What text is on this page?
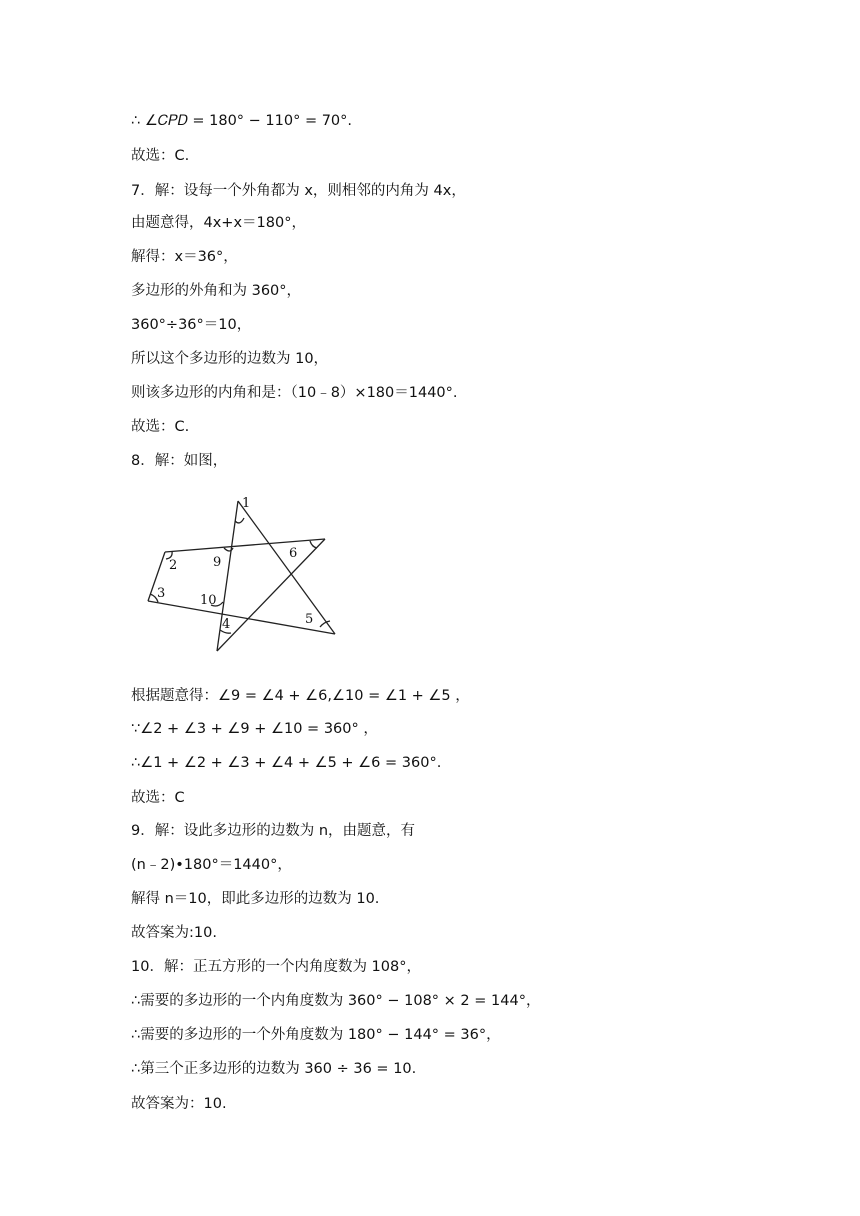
∴ ∠𝐶𝑃𝐷 = 180° − 110° = 70°.
故选：C.
7．解：设每一个外角都为 x，则相邻的内角为 4x，
由题意得，4x+x＝180°，
解得：x＝36°，
多边形的外角和为 360°，
360°÷36°＝10，
所以这个多边形的边数为 10，
则该多边形的内角和是：（10﹣8）×180＝1440°.
故选：C.
8．解：如图，
1
2
3
4	5
6
9
10
根据题意得：∠9 = ∠4 + ∠6,∠10 = ∠1 + ∠5 ，
∵∠2 + ∠3 + ∠9 + ∠10 = 360° ，
∴∠1 + ∠2 + ∠3 + ∠4 + ∠5 + ∠6 = 360°.
故选：C
9．解：设此多边形的边数为 n，由题意，有
(n﹣2)•180°＝1440°，
解得 n＝10，即此多边形的边数为 10.
故答案为:10.
10．解：正五方形的一个内角度数为 108°，
∴需要的多边形的一个内角度数为 360° − 108° × 2 = 144°，
∴需要的多边形的一个外角度数为 180° − 144° = 36°，
∴第三个正多边形的边数为 360 ÷ 36 = 10.
故答案为：10.
